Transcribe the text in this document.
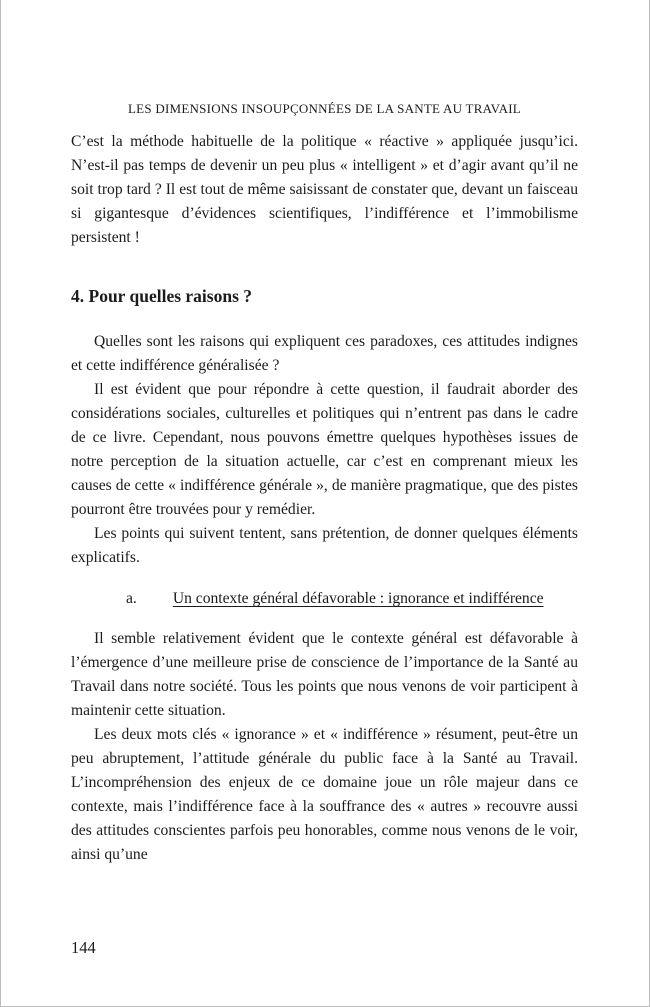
LES DIMENSIONS INSOUPÇONNÉES DE LA SANTE AU TRAVAIL

C’est la méthode habituelle de la politique « réactive » appliquée jusqu’ici. N’est-il pas temps de devenir un peu plus « intelligent » et d’agir avant qu’il ne soit trop tard ? Il est tout de même saisissant de constater que, devant un faisceau si gigantesque d’évidences scientifiques, l’indifférence et l’immobilisme persistent !

4. Pour quelles raisons ?

Quelles sont les raisons qui expliquent ces paradoxes, ces attitudes indignes et cette indifférence généralisée ?

Il est évident que pour répondre à cette question, il faudrait aborder des considérations sociales, culturelles et politiques qui n’entrent pas dans le cadre de ce livre. Cependant, nous pouvons émettre quelques hypothèses issues de notre perception de la situation actuelle, car c’est en comprenant mieux les causes de cette « indifférence générale », de manière pragmatique, que des pistes pourront être trouvées pour y remédier.

Les points qui suivent tentent, sans prétention, de donner quelques éléments explicatifs.

a. Un contexte général défavorable : ignorance et indifférence

Il semble relativement évident que le contexte général est défavorable à l’émergence d’une meilleure prise de conscience de l’importance de la Santé au Travail dans notre société. Tous les points que nous venons de voir participent à maintenir cette situation.

Les deux mots clés « ignorance » et « indifférence » résument, peut-être un peu abruptement, l’attitude générale du public face à la Santé au Travail. L’incompréhension des enjeux de ce domaine joue un rôle majeur dans ce contexte, mais l’indifférence face à la souffrance des « autres » recouvre aussi des attitudes conscientes parfois peu honorables, comme nous venons de le voir, ainsi qu’une

144
